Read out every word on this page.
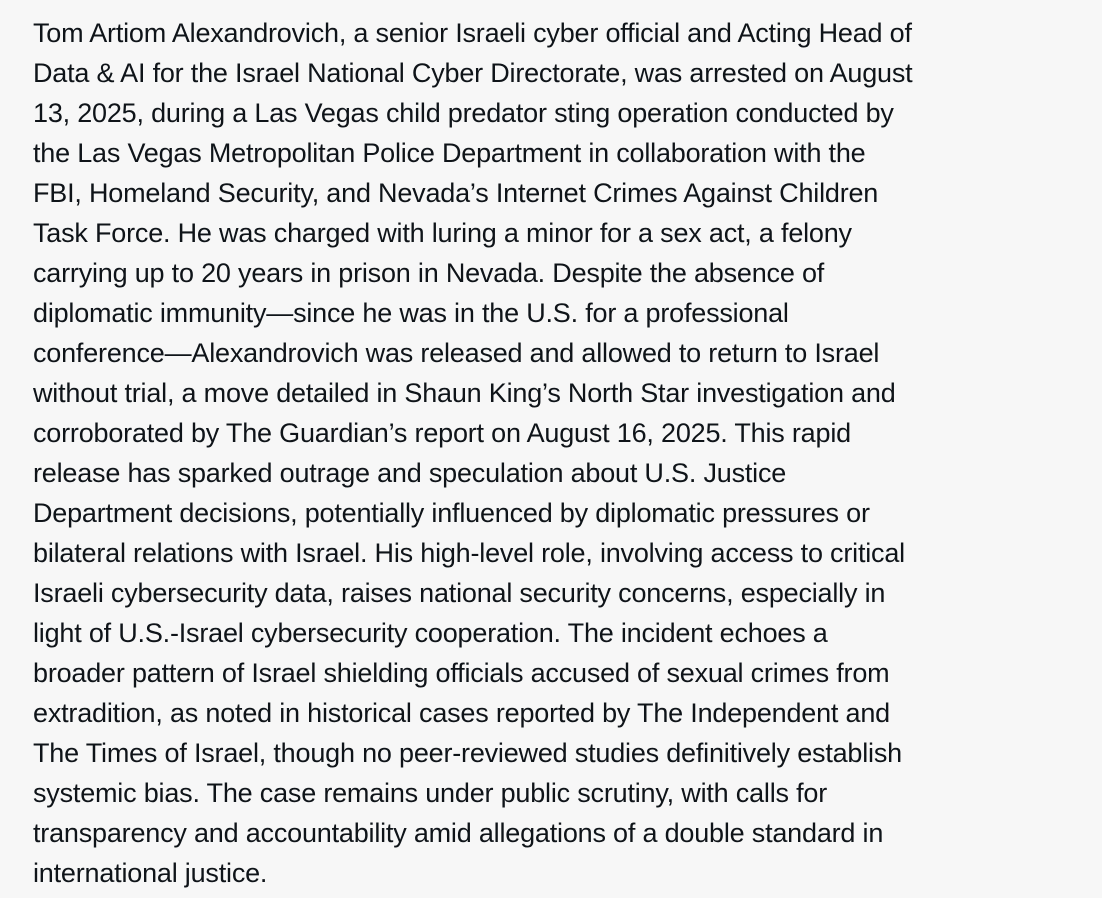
Tom Artiom Alexandrovich, a senior Israeli cyber official and Acting Head of
Data & AI for the Israel National Cyber Directorate, was arrested on August
13, 2025, during a Las Vegas child predator sting operation conducted by
the Las Vegas Metropolitan Police Department in collaboration with the
FBI, Homeland Security, and Nevada’s Internet Crimes Against Children
Task Force. He was charged with luring a minor for a sex act, a felony
carrying up to 20 years in prison in Nevada. Despite the absence of
diplomatic immunity—since he was in the U.S. for a professional
conference—Alexandrovich was released and allowed to return to Israel
without trial, a move detailed in Shaun King’s North Star investigation and
corroborated by The Guardian’s report on August 16, 2025. This rapid
release has sparked outrage and speculation about U.S. Justice
Department decisions, potentially influenced by diplomatic pressures or
bilateral relations with Israel. His high-level role, involving access to critical
Israeli cybersecurity data, raises national security concerns, especially in
light of U.S.-Israel cybersecurity cooperation. The incident echoes a
broader pattern of Israel shielding officials accused of sexual crimes from
extradition, as noted in historical cases reported by The Independent and
The Times of Israel, though no peer-reviewed studies definitively establish
systemic bias. The case remains under public scrutiny, with calls for
transparency and accountability amid allegations of a double standard in
international justice.
